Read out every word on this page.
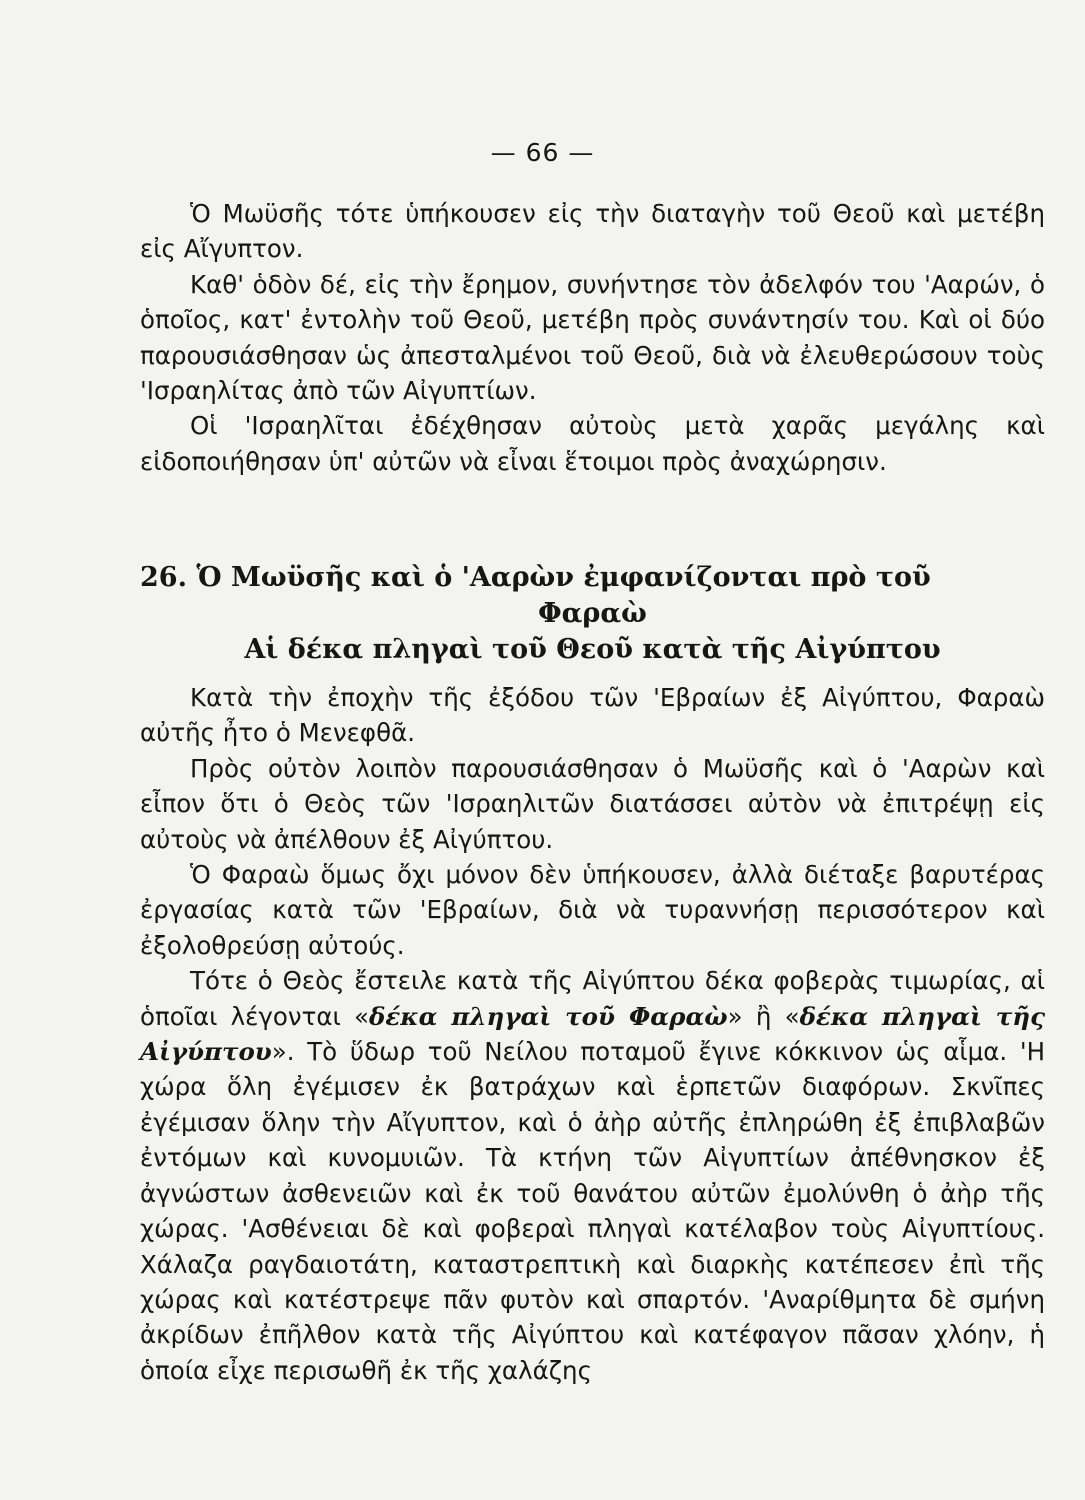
— 66 —

Ὁ Μωϋσῆς τότε ὑπήκουσεν εἰς τὴν διαταγὴν τοῦ Θεοῦ καὶ μετέβη εἰς Αἴγυπτον.

Καθ' ὁδὸν δέ, εἰς τὴν ἔρημον, συνήντησε τὸν ἀδελφόν του 'Ααρών, ὁ ὁποῖος, κατ' ἐντολὴν τοῦ Θεοῦ, μετέβη πρὸς συνάντησίν του. Καὶ οἱ δύο παρουσιάσθησαν ὡς ἀπεσταλμένοι τοῦ Θεοῦ, διὰ νὰ ἐλευθερώσουν τοὺς 'Ισραηλίτας ἀπὸ τῶν Αἰγυπτίων.

Οἱ 'Ισραηλῖται ἐδέχθησαν αὐτοὺς μετὰ χαρᾶς μεγάλης καὶ εἰδοποιήθησαν ὑπ' αὐτῶν νὰ εἶναι ἕτοιμοι πρὸς ἀναχώρησιν.

26. Ὁ Μωϋσῆς καὶ ὁ 'Ααρὼν ἐμφανίζονται πρὸ τοῦ
Φαραὼ
Αἱ δέκα πληγαὶ τοῦ Θεοῦ κατὰ τῆς Αἰγύπτου

Κατὰ τὴν ἐποχὴν τῆς ἐξόδου τῶν 'Εβραίων ἐξ Αἰγύπτου, Φαραὼ αὐτῆς ἦτο ὁ Μενεφθᾶ.

Πρὸς οὐτὸν λοιπὸν παρουσιάσθησαν ὁ Μωϋσῆς καὶ ὁ 'Ααρὼν καὶ εἶπον ὅτι ὁ Θεὸς τῶν 'Ισραηλιτῶν διατάσσει αὐτὸν νὰ ἐπιτρέψῃ εἰς αὐτοὺς νὰ ἀπέλθουν ἐξ Αἰγύπτου.

Ὁ Φαραὼ ὅμως ὄχι μόνον δὲν ὑπήκουσεν, ἀλλὰ διέταξε βαρυτέρας ἐργασίας κατὰ τῶν 'Εβραίων, διὰ νὰ τυραννήσῃ περισσότερον καὶ ἐξολοθρεύσῃ αὐτούς.

Τότε ὁ Θεὸς ἔστειλε κατὰ τῆς Αἰγύπτου δέκα φοβερὰς τιμωρίας, αἱ ὁποῖαι λέγονται «δέκα πληγαὶ τοῦ Φαραὼ» ἢ «δέκα πληγαὶ τῆς Αἰγύπτου». Τὸ ὕδωρ τοῦ Νείλου ποταμοῦ ἔγινε κόκκινον ὡς αἷμα. 'Η χώρα ὅλη ἐγέμισεν ἐκ βατράχων καὶ ἑρπετῶν διαφόρων. Σκνῖπες ἐγέμισαν ὅλην τὴν Αἴγυπτον, καὶ ὁ ἀὴρ αὐτῆς ἐπληρώθη ἐξ ἐπιβλαβῶν ἐντόμων καὶ κυνομυιῶν. Τὰ κτήνη τῶν Αἰγυπτίων ἀπέθνησκον ἐξ ἀγνώστων ἀσθενειῶν καὶ ἐκ τοῦ θανάτου αὐτῶν ἐμολύνθη ὁ ἀὴρ τῆς χώρας. 'Ασθένειαι δὲ καὶ φοβεραὶ πληγαὶ κατέλαβον τοὺς Αἰγυπτίους. Χάλαζα ραγδαιοτάτη, καταστρεπτικὴ καὶ διαρκὴς κατέπεσεν ἐπὶ τῆς χώρας καὶ κατέστρεψε πᾶν φυτὸν καὶ σπαρτόν. 'Αναρίθμητα δὲ σμήνη ἀκρίδων ἐπῆλθον κατὰ τῆς Αἰγύπτου καὶ κατέφαγον πᾶσαν χλόην, ἡ ὁποία εἶχε περισωθῆ ἐκ τῆς χαλάζης
